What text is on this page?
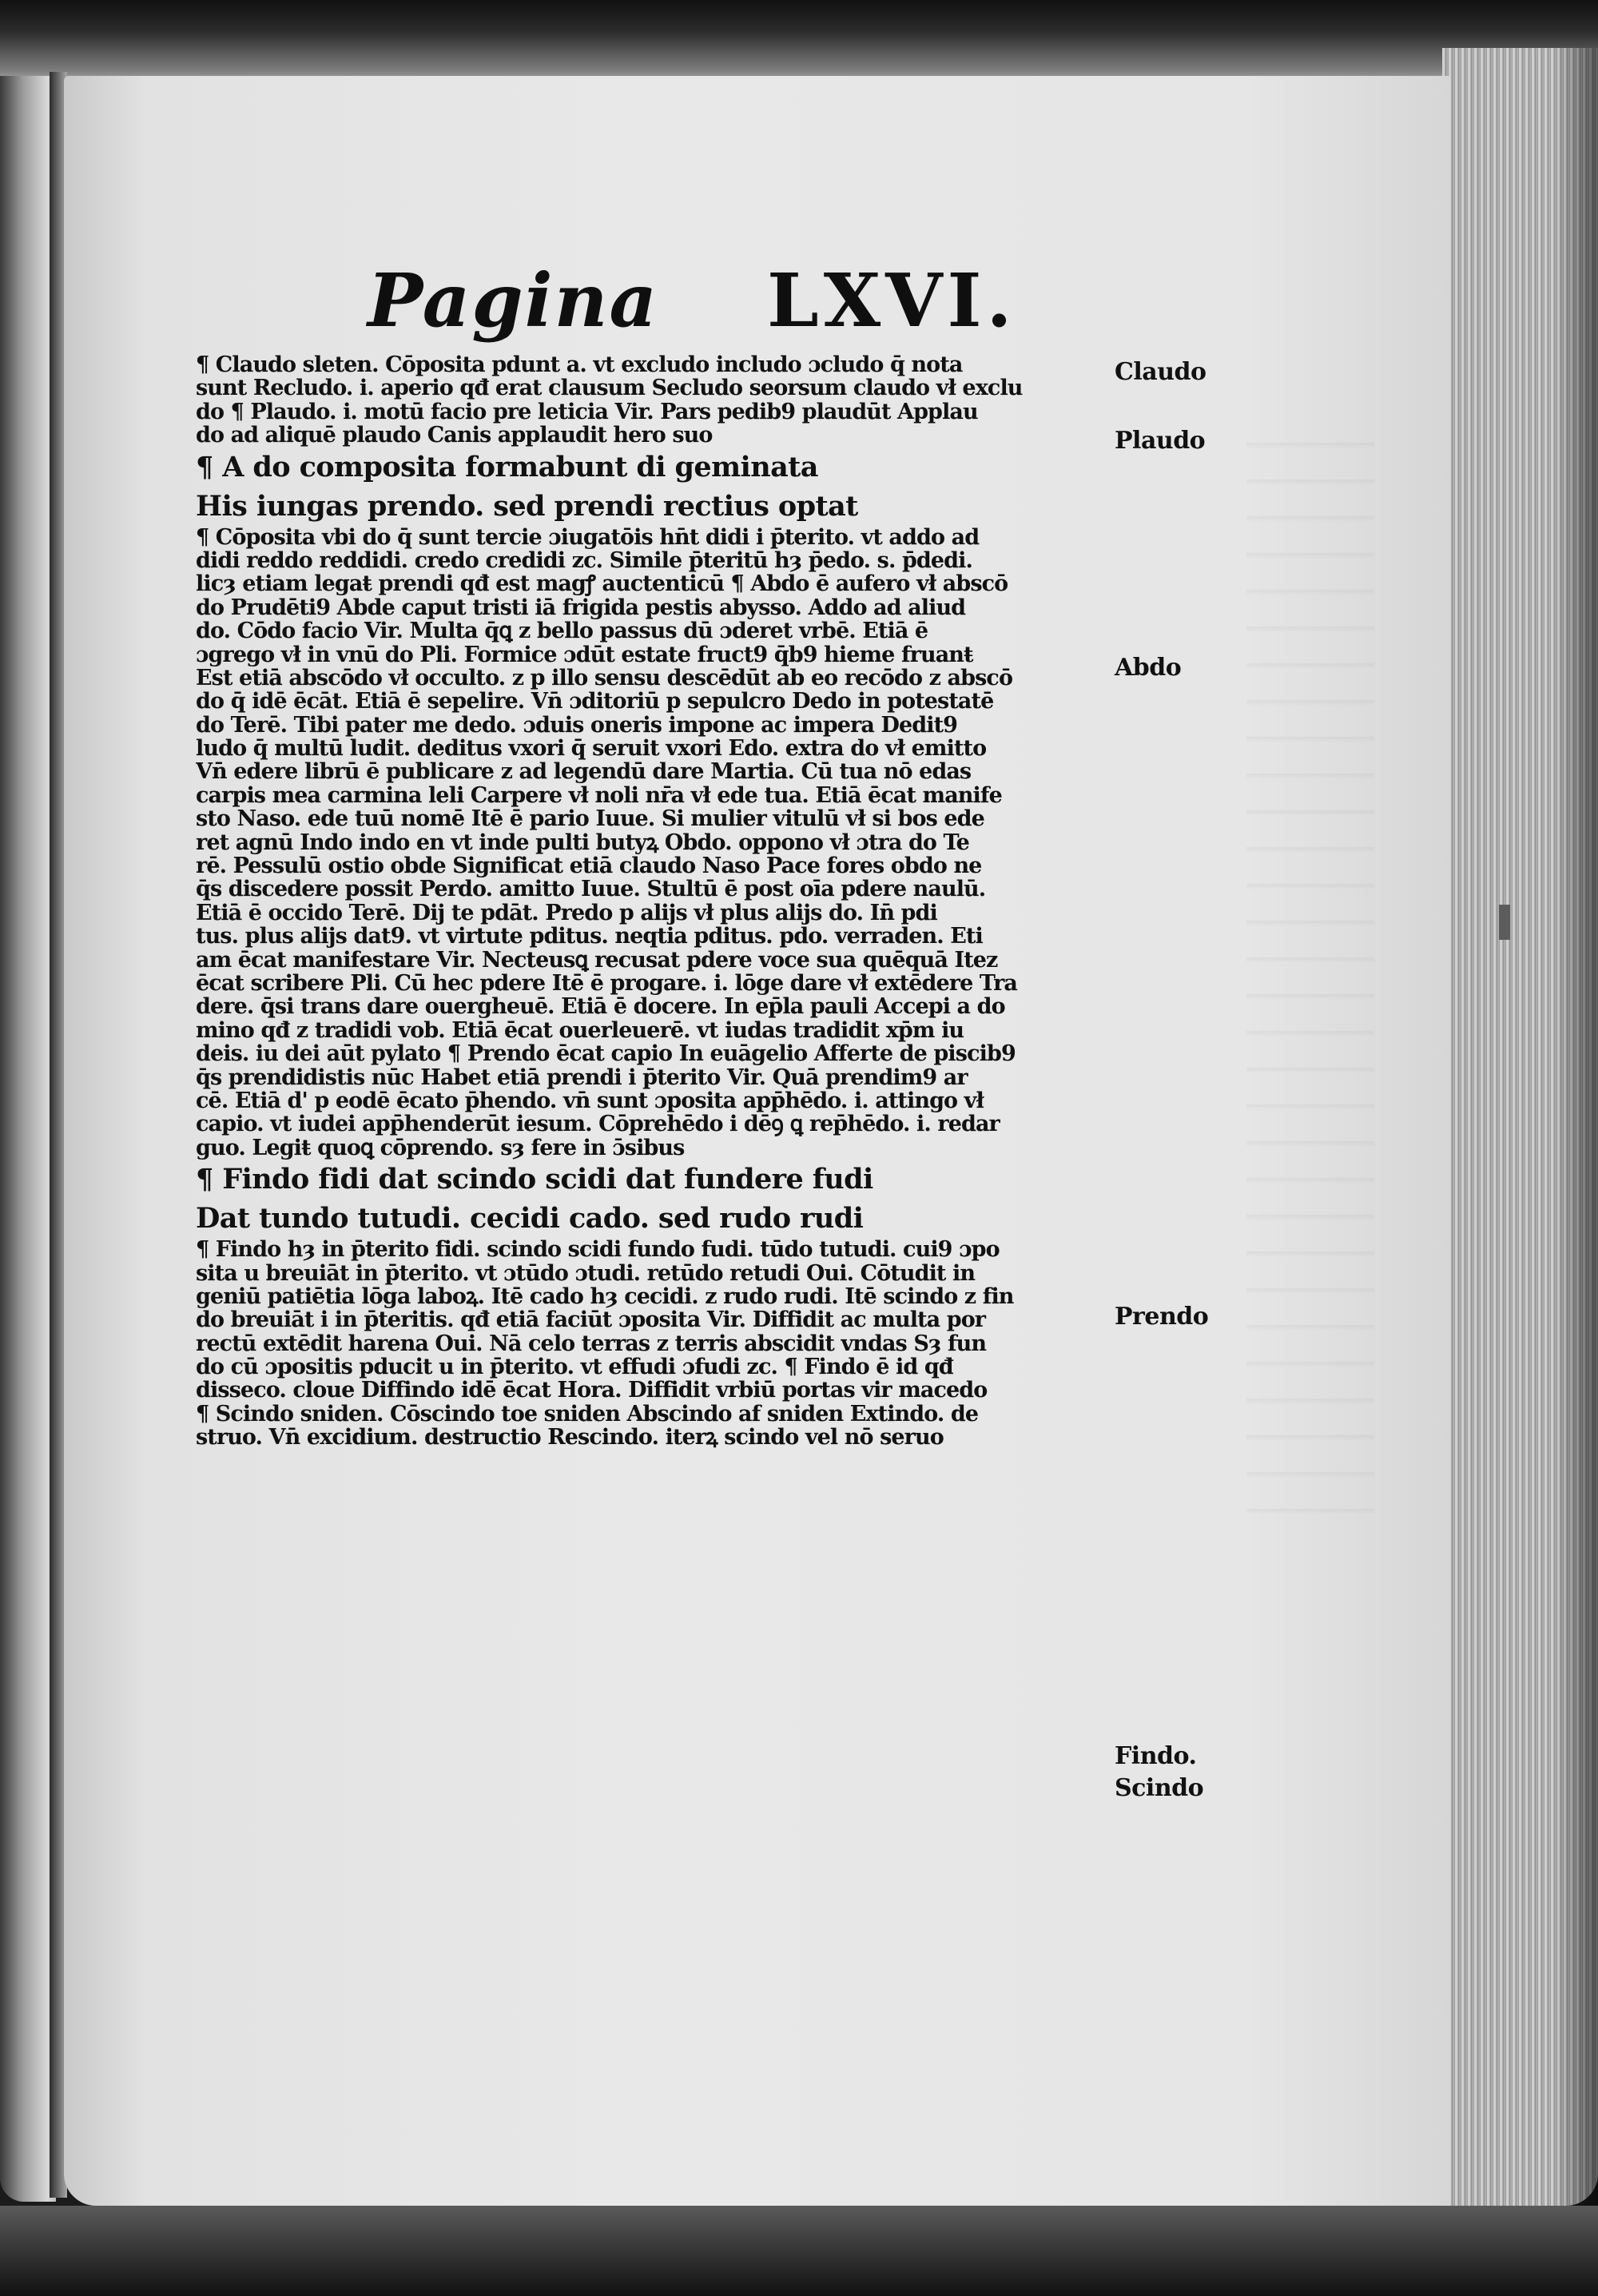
Pagina LXVI.
¶ Claudo sleten. Cōposita pdunt a. vt excludo includo ɔcludo q̄ nota
sunt Recludo. i. aperio qđ erat clausum Secludo seorsum claudo vł exclu
do ¶ Plaudo. i. motū facio pre leticia Vir. Pars pedib9 plaudūt Applau
do ad aliquē plaudo Canis applaudit hero suo
¶ A do composita formabunt di geminata
His iungas prendo. sed prendi rectius optat
¶ Cōposita vbi do q̄ sunt tercie ɔiugatōis hn̄t didi i p̄terito. vt addo ad
didi reddo reddidi. credo credidi zc. Simile p̄teritū hȝ p̄edo. s. p̄dedi.
licȝ etiam legaŧ prendi qđ est magꝭ auctenticū ¶ Abdo ē aufero vł abscō
do Prudēti9 Abde caput tristi iā frigida pestis abysso. Addo ad aliud
do. Cōdo facio Vir. Multa q̄ꝗ z bello passus dū ɔderet vrbē. Etiā ē
ɔgrego vł in vnū do Pli. Formice ɔdūt estate fruct9 q̄b9 hieme fruanŧ
Est etiā abscōdo vł occulto. z p illo sensu descēdūt ab eo recōdo z abscō
do q̄ idē ēcāt. Etiā ē sepelire. Vn̄ ɔditoriū p sepulcro Dedo in potestatē
do Terē. Tibi pater me dedo. ɔduis oneris impone ac impera Dedit9
ludo q̄ multū ludit. deditus vxori q̄ seruit vxori Edo. extra do vł emitto
Vn̄ edere librū ē publicare z ad legendū dare Martia. Cū tua nō edas
carpis mea carmina leli Carpere vł noli nr̄a vł ede tua. Etiā ēcat manife
sto Naso. ede tuū nomē Itē ē pario Iuue. Si mulier vitulū vł si bos ede
ret agnū Indo indo en vt inde pulti butyꝝ Obdo. oppono vł ɔtra do Te
rē. Pessulū ostio obde Significat etiā claudo Naso Pace fores obdo ne
q̄s discedere possit Perdo. amitto Iuue. Stultū ē post oīa pdere naulū.
Etiā ē occido Terē. Dij te pdāt. Predo p alijs vł plus alijs do. In̄ pdi
tus. plus alijs dat9. vt virtute pditus. neqtia pditus. pdo. verraden. Eti
am ēcat manifestare Vir. Necteusꝗ recusat pdere voce sua quēquā Itez
ēcat scribere Pli. Cū hec pdere Itē ē progare. i. lōge dare vł extēdere Tra
dere. q̄si trans dare ouergheuē. Etiā ē docere. In ep̄la pauli Accepi a do
mino qđ z tradidi vob. Etiā ēcat ouerleuerē. vt iudas tradidit xp̄m iu
deis. iu dei aūt pylato ¶ Prendo ēcat capio In euāgelio Afferte de piscib9
q̄s prendidistis nūc Habet etiā prendi i p̄terito Vir. Quā prendim9 ar
cē. Etiā d' p eodē ēcato p̄hendo. vn̄ sunt ɔposita app̄hēdo. i. attingo vł
capio. vt iudei app̄henderūt iesum. Cōprehēdo i dēꝯ ꝗ rep̄hēdo. i. redar
guo. Legiŧ quoꝗ cōprendo. sȝ fere in ɔ̄sibus
¶ Findo fidi dat scindo scidi dat fundere fudi
Dat tundo tutudi. cecidi cado. sed rudo rudi
¶ Findo hȝ in p̄terito fidi. scindo scidi fundo fudi. tūdo tutudi. cui9 ɔpo
sita u breuiāt in p̄terito. vt ɔtūdo ɔtudi. retūdo retudi Oui. Cōtudit in
geniū patiētia lōga laboꝝ. Itē cado hȝ cecidi. z rudo rudi. Itē scindo z fin
do breuiāt i in p̄teritis. qđ etiā faciūt ɔposita Vir. Diffidit ac multa por
rectū extēdit harena Oui. Nā celo terras z terris abscidit vndas Sȝ fun
do cū ɔpositis pducit u in p̄terito. vt effudi ɔfudi zc. ¶ Findo ē id qđ
disseco. cloue Diffindo idē ēcat Hora. Diffidit vrbiū portas vir macedo
¶ Scindo sniden. Cōscindo toe sniden Abscindo af sniden Extindo. de
struo. Vn̄ excidium. destructio Rescindo. iterꝝ scindo vel nō seruo
Claudo
Plaudo
Abdo
Prendo
Findo.
Scindo
